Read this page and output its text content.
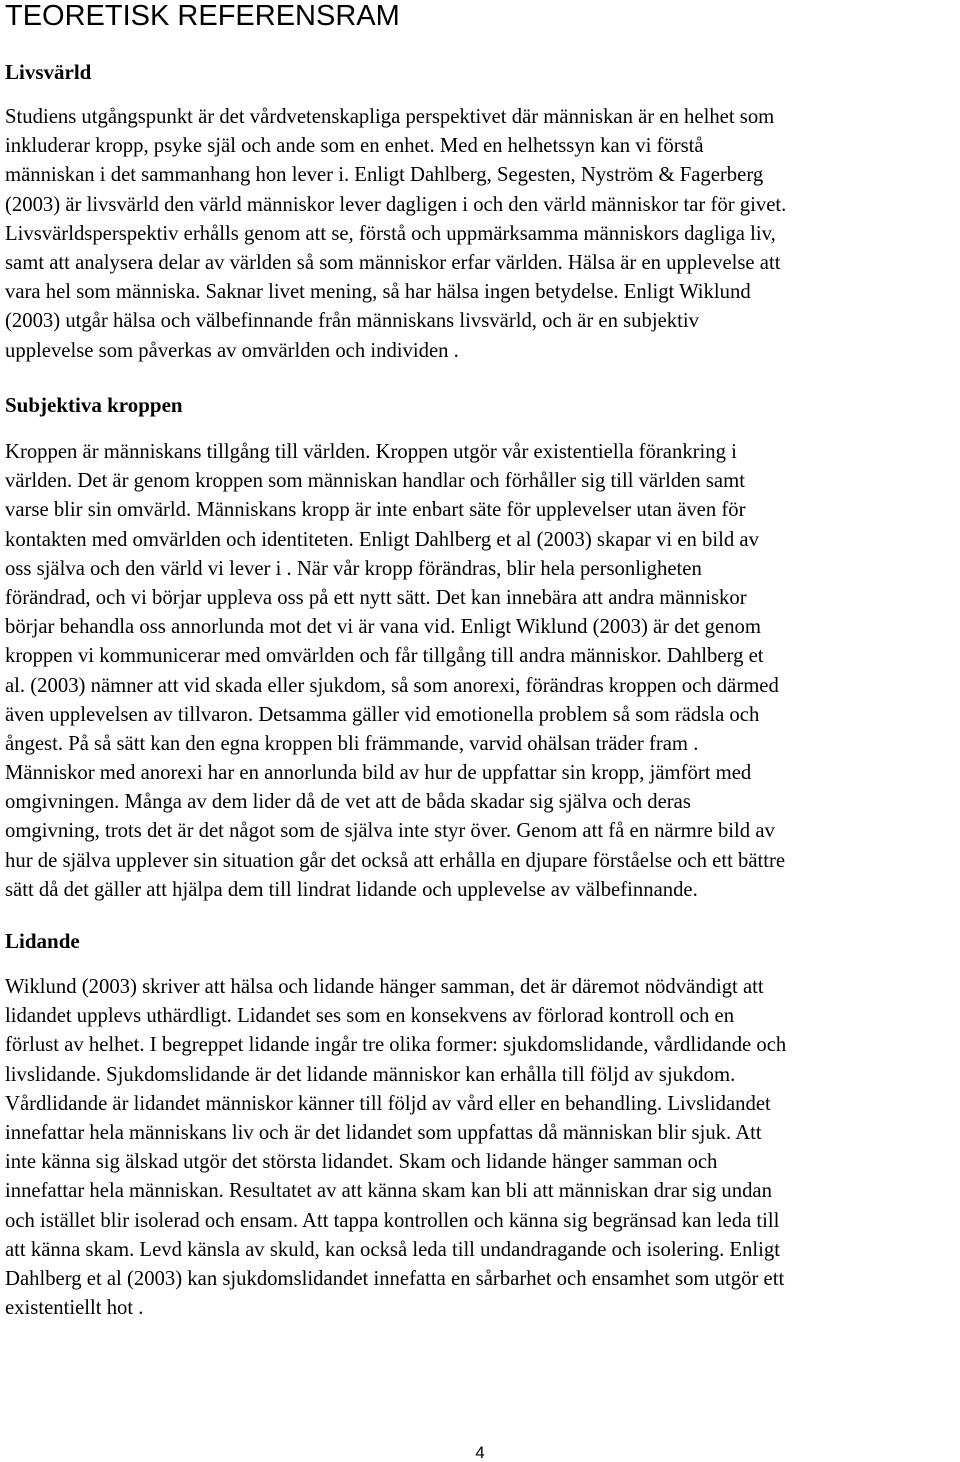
TEORETISK REFERENSRAM
Livsvärld
Studiens utgångspunkt är det vårdvetenskapliga perspektivet där människan är en helhet som
inkluderar kropp, psyke själ och ande som en enhet. Med en helhetssyn kan vi förstå
människan i det sammanhang hon lever i. Enligt Dahlberg, Segesten, Nyström & Fagerberg
(2003) är livsvärld den värld människor lever dagligen i och den värld människor tar för givet.
Livsvärldsperspektiv erhålls genom att se, förstå och uppmärksamma människors dagliga liv,
samt att analysera delar av världen så som människor erfar världen. Hälsa är en upplevelse att
vara hel som människa. Saknar livet mening, så har hälsa ingen betydelse. Enligt Wiklund
(2003) utgår hälsa och välbefinnande från människans livsvärld, och är en subjektiv
upplevelse som påverkas av omvärlden och individen .
Subjektiva kroppen
Kroppen är människans tillgång till världen. Kroppen utgör vår existentiella förankring i
världen. Det är genom kroppen som människan handlar och förhåller sig till världen samt
varse blir sin omvärld. Människans kropp är inte enbart säte för upplevelser utan även för
kontakten med omvärlden och identiteten. Enligt Dahlberg et al (2003) skapar vi en bild av
oss själva och den värld vi lever i . När vår kropp förändras, blir hela personligheten
förändrad, och vi börjar uppleva oss på ett nytt sätt. Det kan innebära att andra människor
börjar behandla oss annorlunda mot det vi är vana vid. Enligt Wiklund (2003) är det genom
kroppen vi kommunicerar med omvärlden och får tillgång till andra människor. Dahlberg et
al. (2003) nämner att vid skada eller sjukdom, så som anorexi, förändras kroppen och därmed
även upplevelsen av tillvaron. Detsamma gäller vid emotionella problem så som rädsla och
ångest. På så sätt kan den egna kroppen bli främmande, varvid ohälsan träder fram .
Människor med anorexi har en annorlunda bild av hur de uppfattar sin kropp, jämfört med
omgivningen. Många av dem lider då de vet att de båda skadar sig själva och deras
omgivning, trots det är det något som de själva inte styr över. Genom att få en närmre bild av
hur de själva upplever sin situation går det också att erhålla en djupare förståelse och ett bättre
sätt då det gäller att hjälpa dem till lindrat lidande och upplevelse av välbefinnande.
Lidande
Wiklund (2003) skriver att hälsa och lidande hänger samman, det är däremot nödvändigt att
lidandet upplevs uthärdligt. Lidandet ses som en konsekvens av förlorad kontroll och en
förlust av helhet. I begreppet lidande ingår tre olika former: sjukdomslidande, vårdlidande och
livslidande. Sjukdomslidande är det lidande människor kan erhålla till följd av sjukdom.
Vårdlidande är lidandet människor känner till följd av vård eller en behandling. Livslidandet
innefattar hela människans liv och är det lidandet som uppfattas då människan blir sjuk. Att
inte känna sig älskad utgör det största lidandet. Skam och lidande hänger samman och
innefattar hela människan. Resultatet av att känna skam kan bli att människan drar sig undan
och istället blir isolerad och ensam. Att tappa kontrollen och känna sig begränsad kan leda till
att känna skam. Levd känsla av skuld, kan också leda till undandragande och isolering. Enligt
Dahlberg et al (2003) kan sjukdomslidandet innefatta en sårbarhet och ensamhet som utgör ett
existentiellt hot .
4
